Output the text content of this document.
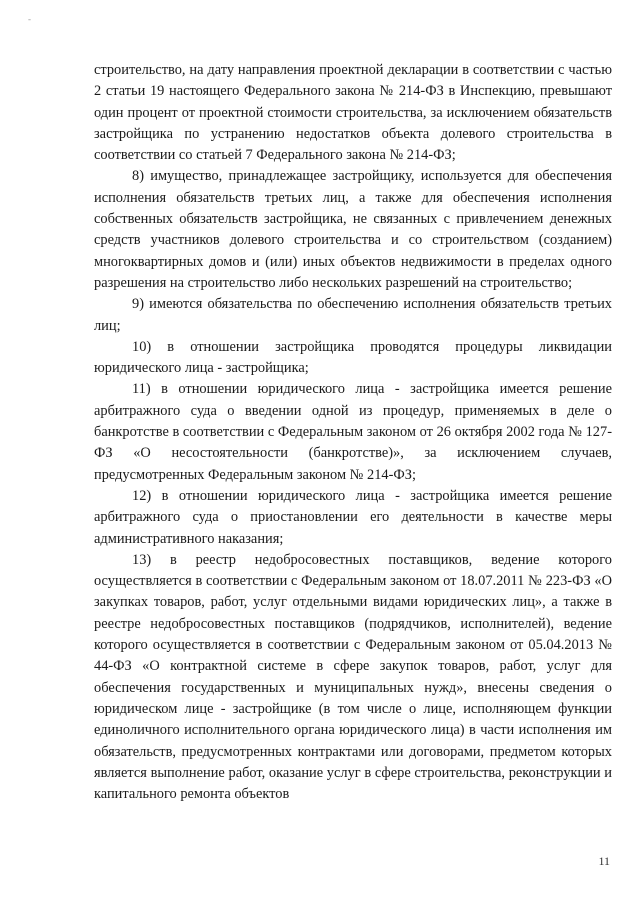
-

строительство, на дату направления проектной декларации в соответствии с частью 2 статьи 19 настоящего Федерального закона № 214-ФЗ в Инспекцию, превышают один процент от проектной стоимости строительства, за исключением обязательств застройщика по устранению недостатков объекта долевого строительства в соответствии со статьей 7 Федерального закона № 214-ФЗ;

8) имущество, принадлежащее застройщику, используется для обеспечения исполнения обязательств третьих лиц, а также для обеспечения исполнения собственных обязательств застройщика, не связанных с привлечением денежных средств участников долевого строительства и со строительством (созданием) многоквартирных домов и (или) иных объектов недвижимости в пределах одного разрешения на строительство либо нескольких разрешений на строительство;

9) имеются обязательства по обеспечению исполнения обязательств третьих лиц;

10) в отношении застройщика проводятся процедуры ликвидации юридического лица - застройщика;

11) в отношении юридического лица - застройщика имеется решение арбитражного суда о введении одной из процедур, применяемых в деле о банкротстве в соответствии с Федеральным законом от 26 октября 2002 года № 127-ФЗ «О несостоятельности (банкротстве)», за исключением случаев, предусмотренных Федеральным законом № 214-ФЗ;

12) в отношении юридического лица - застройщика имеется решение арбитражного суда о приостановлении его деятельности в качестве меры административного наказания;

13) в реестр недобросовестных поставщиков, ведение которого осуществляется в соответствии с Федеральным законом от 18.07.2011 № 223-ФЗ «О закупках товаров, работ, услуг отдельными видами юридических лиц», а также в реестре недобросовестных поставщиков (подрядчиков, исполнителей), ведение которого осуществляется в соответствии с Федеральным законом от 05.04.2013 № 44-ФЗ «О контрактной системе в сфере закупок товаров, работ, услуг для обеспечения государственных и муниципальных нужд», внесены сведения о юридическом лице - застройщике (в том числе о лице, исполняющем функции единоличного исполнительного органа юридического лица) в части исполнения им обязательств, предусмотренных контрактами или договорами, предметом которых является выполнение работ, оказание услуг в сфере строительства, реконструкции и капитального ремонта объектов

11
